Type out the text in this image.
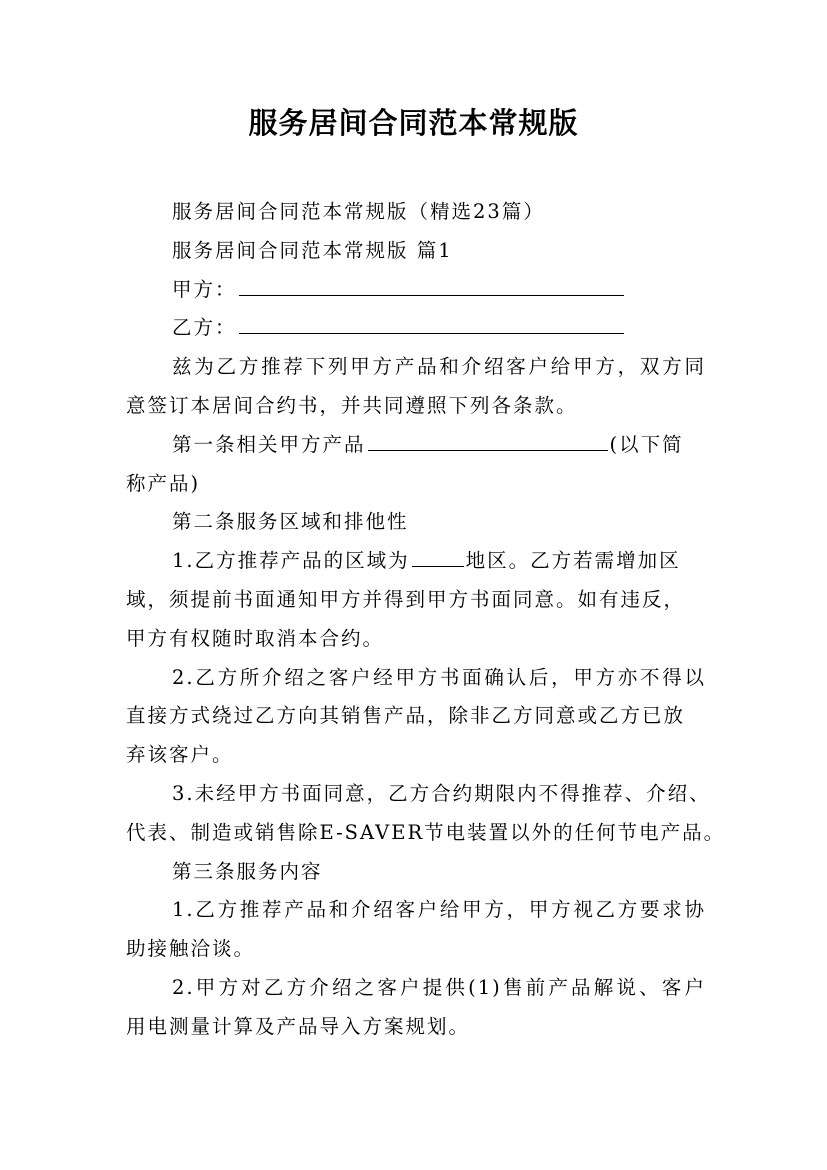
服务居间合同范本常规版
服务居间合同范本常规版（精选23篇）
服务居间合同范本常规版 篇1
甲方：
乙方：
兹为乙方推荐下列甲方产品和介绍客户给甲方，双方同
意签订本居间合约书，并共同遵照下列各条款。
第一条相关甲方产品	(以下简
称产品)
第二条服务区域和排他性
1.乙方推荐产品的区域为	地区。乙方若需增加区
域，须提前书面通知甲方并得到甲方书面同意。如有违反，
甲方有权随时取消本合约。
2.乙方所介绍之客户经甲方书面确认后，甲方亦不得以
直接方式绕过乙方向其销售产品，除非乙方同意或乙方已放
弃该客户。
3.未经甲方书面同意，乙方合约期限内不得推荐、介绍、
代表、制造或销售除E-SAVER节电装置以外的任何节电产品。
第三条服务内容
1.乙方推荐产品和介绍客户给甲方，甲方视乙方要求协
助接触洽谈。
2.甲方对乙方介绍之客户提供(1)售前产品解说、客户
用电测量计算及产品导入方案规划。
